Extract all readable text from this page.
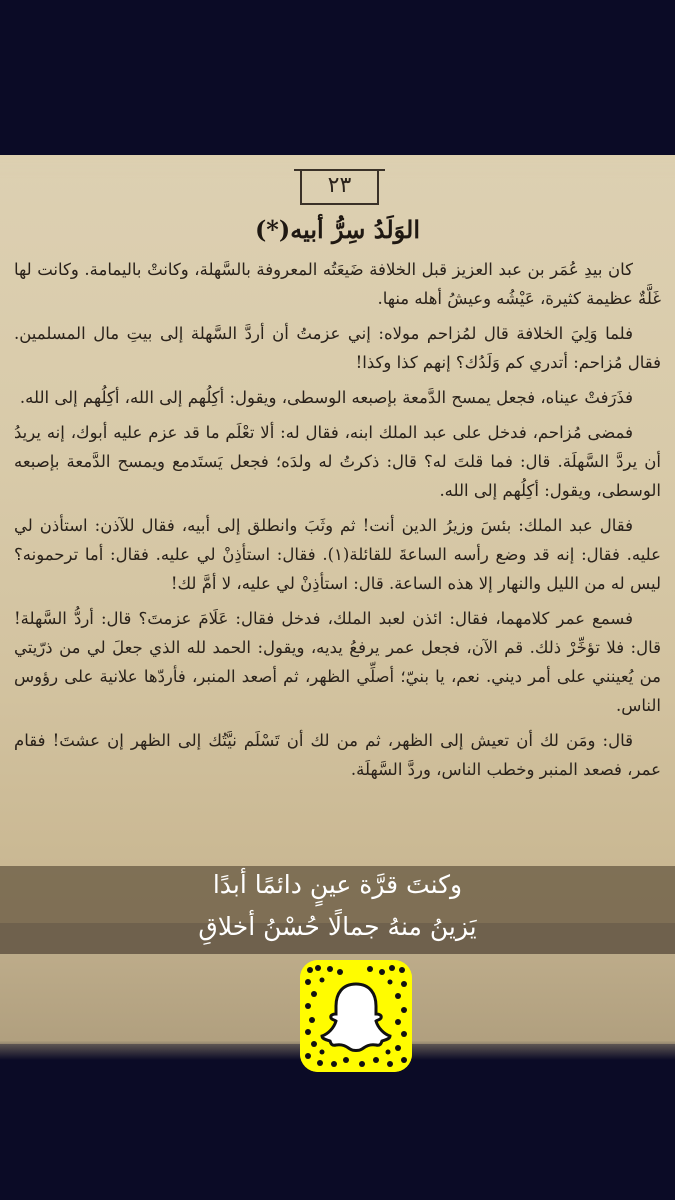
٢٣
الوَلَدُ سِرُّ أبيه(*)

كان بيدِ عُمَر بن عبد العزيز قبل الخلافة ضَيعَتُه المعروفة بالسَّهلة، وكانتْ باليمامة. وكانت لها غَلَّةٌ عظيمة كثيرة، عَيْشُه وعيشُ أهله منها.

فلما وَلِيَ الخلافة قال لمُزاحم مولاه: إني عزمتُ أن أردَّ السَّهلة إلى بيتِ مال المسلمين. فقال مُزاحم: أتدري كم وَلَدُك؟ إنهم كذا وكذا!

فذَرَفتْ عيناه، فجعل يمسح الدَّمعة بإصبعه الوسطى، ويقول: أكِلُهم إلى الله، أكِلُهم إلى الله.

فمضى مُزاحم، فدخل على عبد الملك ابنه، فقال له: ألا تعْلَم ما قد عزم عليه أبوك، إنه يريدُ أن يردَّ السَّهلَة. قال: فما قلتَ له؟ قال: ذكرتُ له ولدَه؛ فجعل يَستَدمع ويمسح الدَّمعة بإصبعه الوسطى، ويقول: أكِلُهم إلى الله.

فقال عبد الملك: بئسَ وزيرُ الدين أنت! ثم وثَبَ وانطلق إلى أبيه، فقال للآذن: استأذن لي عليه. فقال: إنه قد وضع رأسه الساعةَ للقائلة(١). فقال: استأذِنْ لي عليه. فقال: أما ترحمونه؟ ليس له من الليل والنهار إلا هذه الساعة. قال: استأذِنْ لي عليه، لا أمَّ لك!

فسمع عمر كلامهما، فقال: ائذن لعبد الملك، فدخل فقال: عَلَامَ عزمتَ؟ قال: أردُّ السَّهلة! قال: فلا تؤخِّرْ ذلك. قم الآن، فجعل عمر يرفعُ يديه، ويقول: الحمد لله الذي جعلَ لي من ذرّيتي من يُعينني على أمر ديني. نعم، يا بنيّ؛ أصلِّي الظهر، ثم أصعد المنبر، فأردّها علانية على رؤوس الناس.

قال: ومَن لك أن تعيش إلى الظهر، ثم من لك أن تَسْلَم نيَّتُك إلى الظهر إن عشتَ! فقام عمر، فصعد المنبر وخطب الناس، وردَّ السَّهلَة.

وكنتَ قرَّة عينٍ دائمًا أبدًا
يَزينُ منهُ جمالًا حُسْنُ أخلاقِ
